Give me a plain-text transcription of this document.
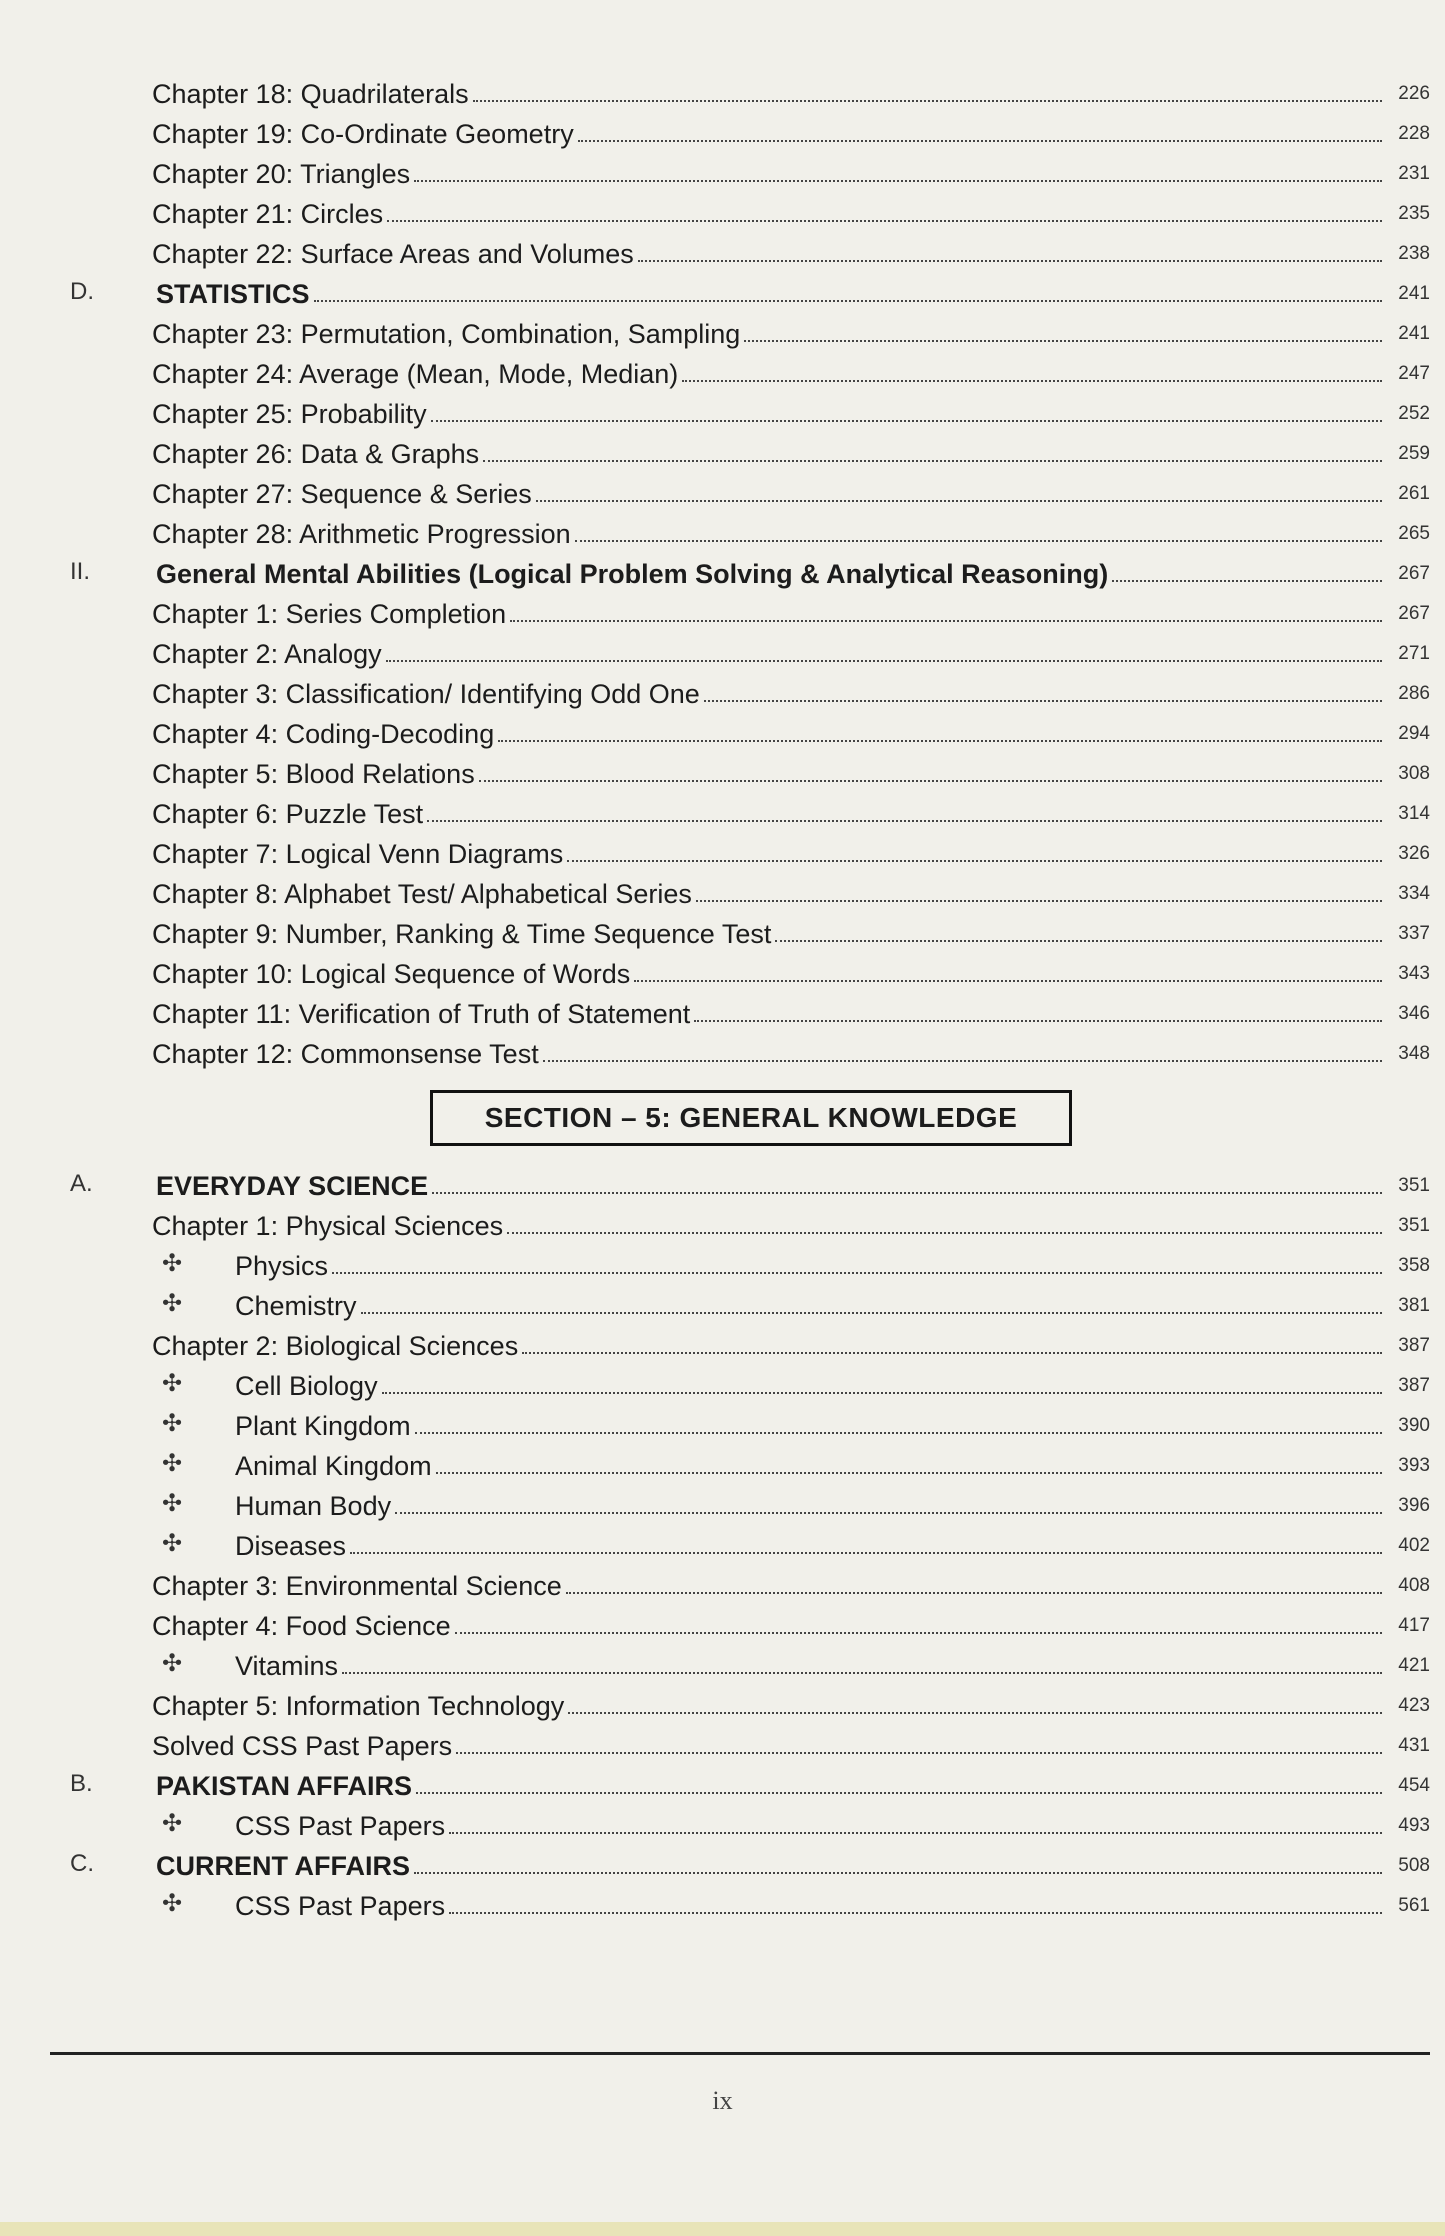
Chapter 18: Quadrilaterals	226
Chapter 19: Co-Ordinate Geometry	228
Chapter 20: Triangles	231
Chapter 21: Circles	235
Chapter 22: Surface Areas and Volumes	238
D. STATISTICS	241
Chapter 23: Permutation, Combination, Sampling	241
Chapter 24: Average (Mean, Mode, Median)	247
Chapter 25: Probability	252
Chapter 26: Data & Graphs	259
Chapter 27: Sequence & Series	261
Chapter 28: Arithmetic Progression	265
II. General Mental Abilities (Logical Problem Solving & Analytical Reasoning)	267
Chapter 1: Series Completion	267
Chapter 2: Analogy	271
Chapter 3: Classification/ Identifying Odd One	286
Chapter 4: Coding-Decoding	294
Chapter 5: Blood Relations	308
Chapter 6: Puzzle Test	314
Chapter 7: Logical Venn Diagrams	326
Chapter 8: Alphabet Test/ Alphabetical Series	334
Chapter 9: Number, Ranking & Time Sequence Test	337
Chapter 10: Logical Sequence of Words	343
Chapter 11: Verification of Truth of Statement	346
Chapter 12: Commonsense Test	348
SECTION – 5: GENERAL KNOWLEDGE
A. EVERYDAY SCIENCE	351
Chapter 1: Physical Sciences	351
✣ Physics	358
✣ Chemistry	381
Chapter 2: Biological Sciences	387
✣ Cell Biology	387
✣ Plant Kingdom	390
✣ Animal Kingdom	393
✣ Human Body	396
✣ Diseases	402
Chapter 3: Environmental Science	408
Chapter 4: Food Science	417
✣ Vitamins	421
Chapter 5: Information Technology	423
Solved CSS Past Papers	431
B. PAKISTAN AFFAIRS	454
✣ CSS Past Papers	493
C. CURRENT AFFAIRS	508
✣ CSS Past Papers	561
ix
